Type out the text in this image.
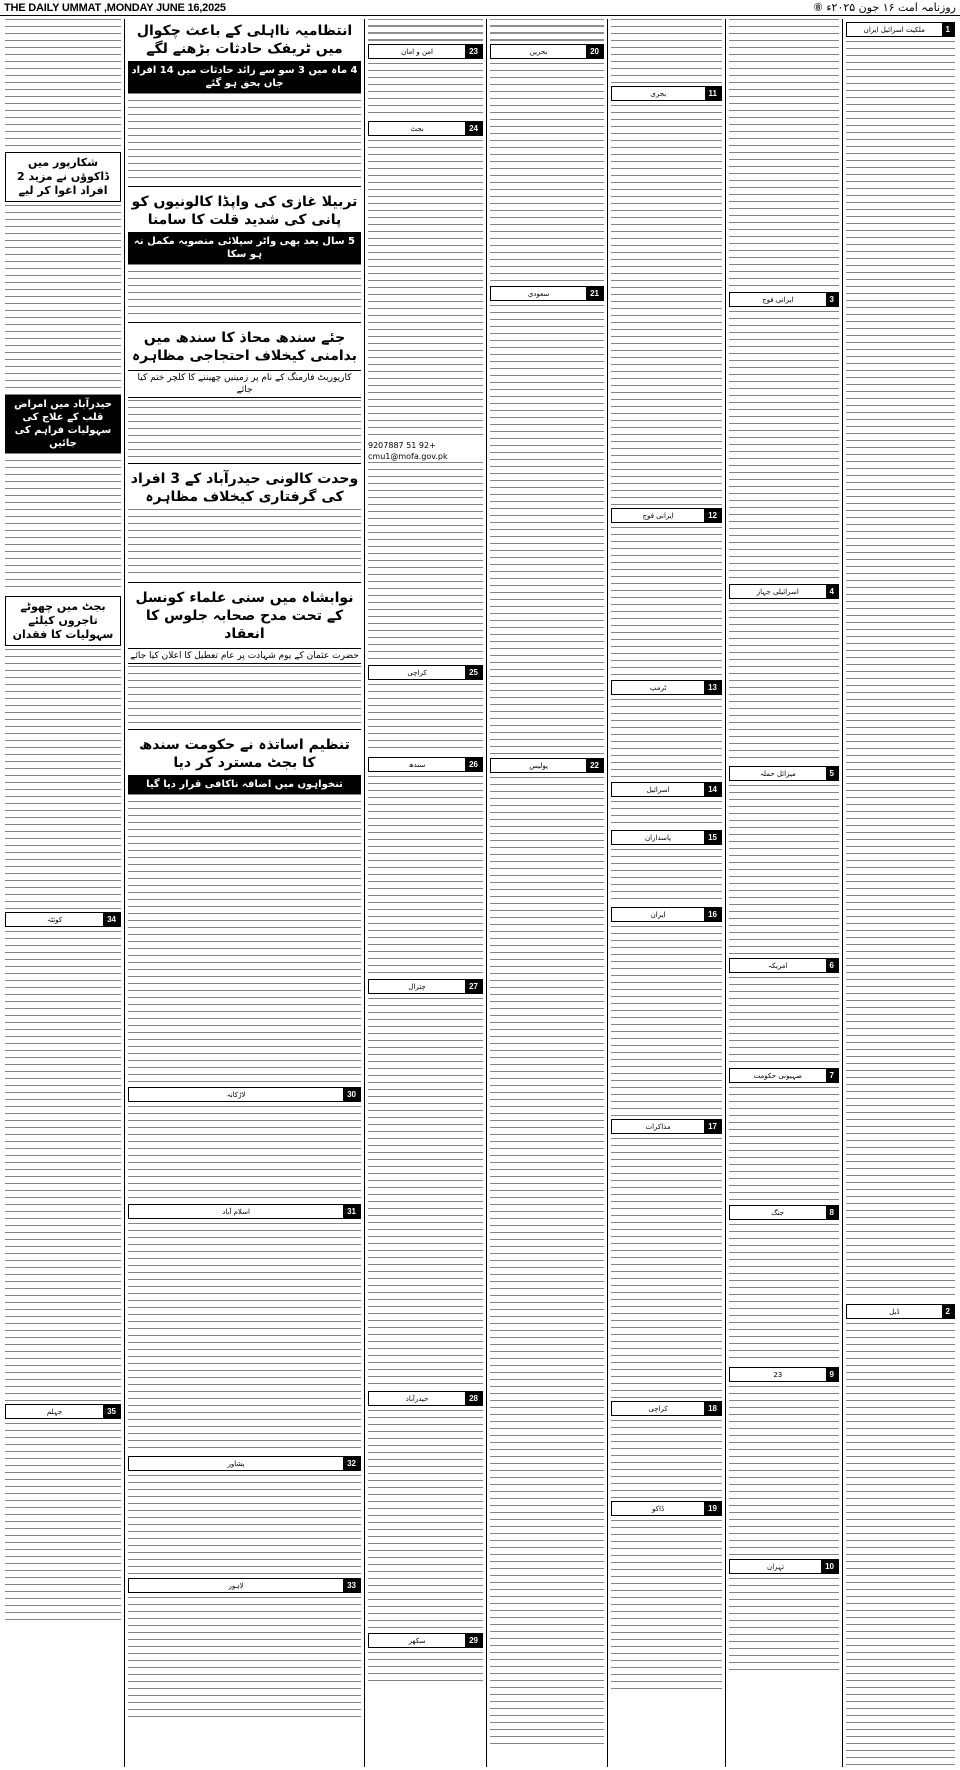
THE DAILY UMMAT ,MONDAY JUNE 16,2025	روزنامہ امت ۱۶ جون ۲۰۲۵ء ⑧
1
ملکیت اسرائیل ایران
2
ڈیل
3
ایرانی فوج
4
اسرائیلی جہاز
5
میزائل حملہ
6
امریکہ
7
صہیونی حکومت
8
جنگ
9
23
10
تہران
11
بحری
12
ایرانی فوج
13
ٹرمپ
14
اسرائیل
15
پاسداران
16
ایران
17
مذاکرات
18
کراچی
19
ڈاکو
20
بحرین
21
سعودی
22
پولیس
23
امن و امان
24
بجٹ
+92 51 9207887
cmu1@mofa.gov.pk
25
کراچی
26
سندھ
27
چترال
28
حیدرآباد
29
سکھر
انتظامیہ نااہلی کے باعث چکوال میں ٹریفک حادثات بڑھنے لگے
4 ماہ میں 3 سو سے زائد حادثات میں 14 افراد جاں بحق ہو گئے
تربیلا غازی کی واپڈا کالونیوں کو پانی کی شدید قلت کا سامنا
5 سال بعد بھی واٹر سپلائی منصوبہ مکمل نہ ہو سکا
جئے سندھ محاذ کا سندھ میں بدامنی کیخلاف احتجاجی مظاہرہ
کارپوریٹ فارمنگ کے نام پر زمینیں چھیننے کا کلچر ختم کیا جائے
وحدت کالونی حیدرآباد کے 3 افراد کی گرفتاری کیخلاف مظاہرہ
نوابشاہ میں سنی علماء کونسل کے تحت مدح صحابہ جلوس کا انعقاد
حضرت عثمان کے یوم شہادت پر عام تعطیل کا اعلان کیا جائے
تنظیم اساتذہ نے حکومت سندھ کا بجٹ مسترد کر دیا
تنخواہوں میں اضافہ ناکافی قرار دیا گیا
30
لاڑکانہ
31
اسلام آباد
32
پشاور
33
لاہور
شکارپور میں ڈاکوؤں نے مزید 2 افراد اغوا کر لیے
حیدرآباد میں امراض قلب کے علاج کی سہولیات فراہم کی جائیں
بجٹ میں چھوٹے تاجروں کیلئے سہولیات کا فقدان
34
کوئٹہ
35
جہلم
